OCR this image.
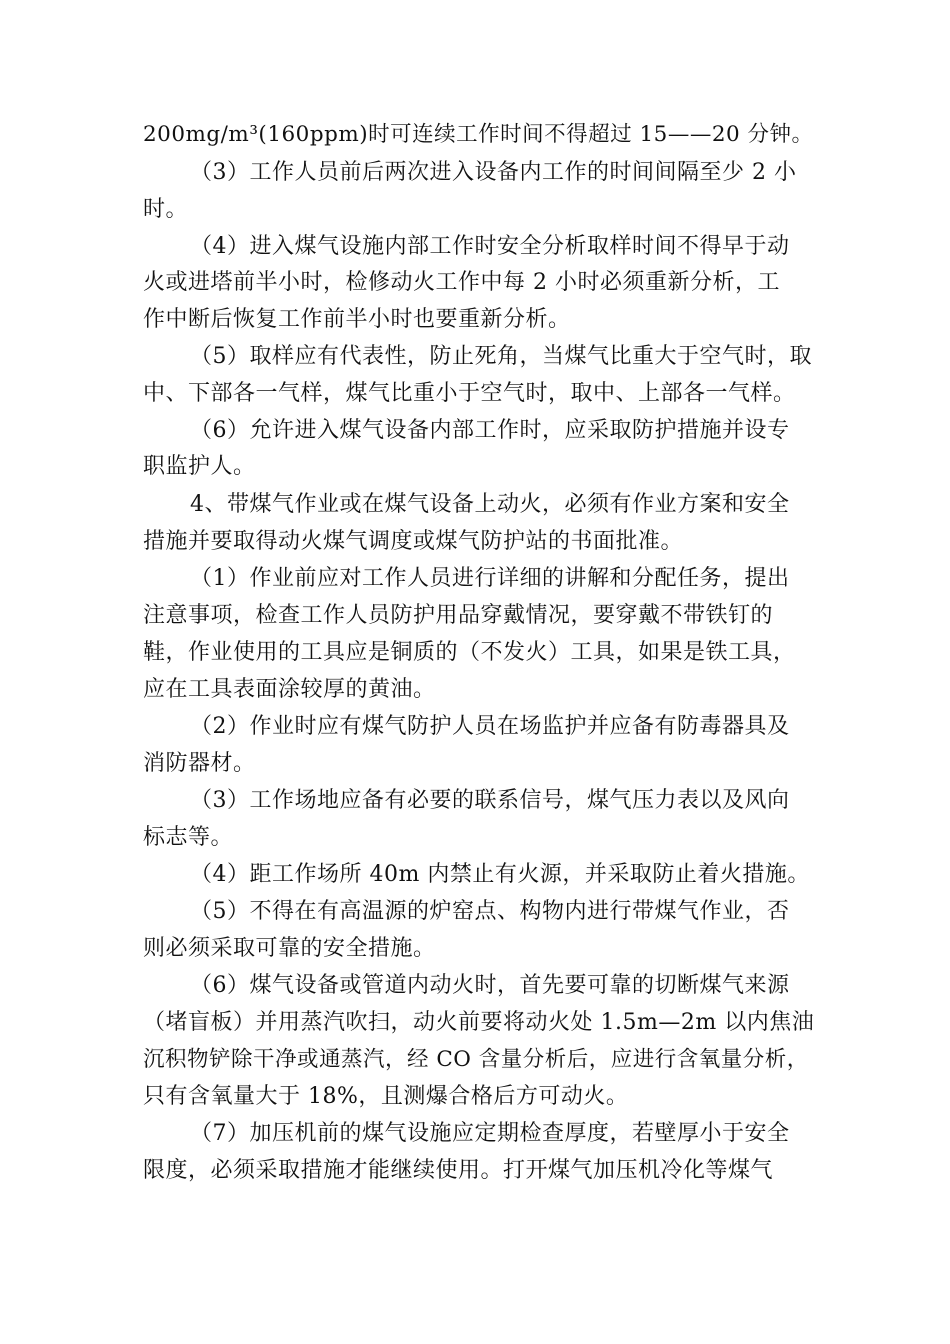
200mg/m³(160ppm)时可连续工作时间不得超过 15——20 分钟。
（3）工作人员前后两次进入设备内工作的时间间隔至少 2 小
时。
（4）进入煤气设施内部工作时安全分析取样时间不得早于动
火或进塔前半小时，检修动火工作中每 2 小时必须重新分析，工
作中断后恢复工作前半小时也要重新分析。
（5）取样应有代表性，防止死角，当煤气比重大于空气时，取
中、下部各一气样，煤气比重小于空气时，取中、上部各一气样。
（6）允许进入煤气设备内部工作时，应采取防护措施并设专
职监护人。
4、带煤气作业或在煤气设备上动火，必须有作业方案和安全
措施并要取得动火煤气调度或煤气防护站的书面批准。
（1）作业前应对工作人员进行详细的讲解和分配任务，提出
注意事项，检查工作人员防护用品穿戴情况，要穿戴不带铁钉的
鞋，作业使用的工具应是铜质的（不发火）工具，如果是铁工具，
应在工具表面涂较厚的黄油。
（2）作业时应有煤气防护人员在场监护并应备有防毒器具及
消防器材。
（3）工作场地应备有必要的联系信号，煤气压力表以及风向
标志等。
（4）距工作场所 40m 内禁止有火源，并采取防止着火措施。
（5）不得在有高温源的炉窑点、构物内进行带煤气作业，否
则必须采取可靠的安全措施。
（6）煤气设备或管道内动火时，首先要可靠的切断煤气来源
（堵盲板）并用蒸汽吹扫，动火前要将动火处 1.5m—2m 以内焦油
沉积物铲除干净或通蒸汽，经 CO 含量分析后，应进行含氧量分析，
只有含氧量大于 18%，且测爆合格后方可动火。
（7）加压机前的煤气设施应定期检查厚度，若壁厚小于安全
限度，必须采取措施才能继续使用。打开煤气加压机冷化等煤气
